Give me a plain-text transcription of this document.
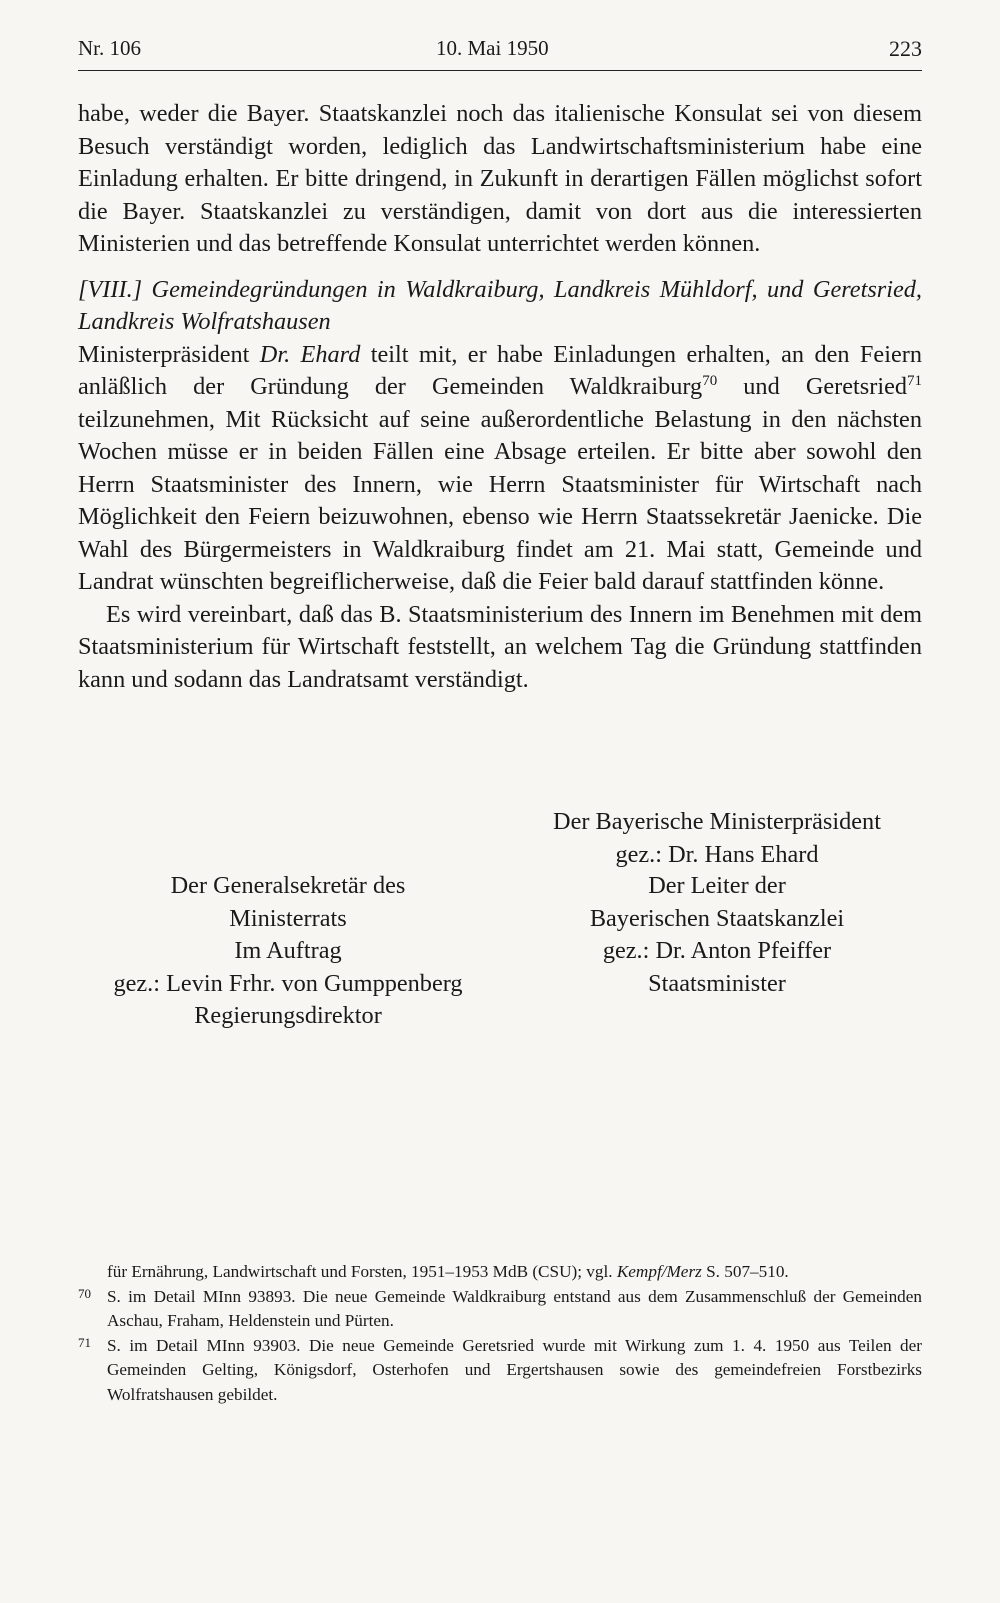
Nr. 106	10. Mai 1950	223

habe, weder die Bayer. Staatskanzlei noch das italienische Konsulat sei von diesem Besuch verständigt worden, lediglich das Landwirtschaftsministerium habe eine Einladung erhalten. Er bitte dringend, in Zukunft in derartigen Fällen möglichst sofort die Bayer. Staatskanzlei zu verständigen, damit von dort aus die interessierten Ministerien und das betreffende Konsulat unterrichtet werden können.

[VIII.] Gemeindegründungen in Waldkraiburg, Landkreis Mühldorf, und Geretsried, Landkreis Wolfratshausen

Ministerpräsident Dr. Ehard teilt mit, er habe Einladungen erhalten, an den Feiern anläßlich der Gründung der Gemeinden Waldkraiburg$^{70}$ und Geretsried$^{71}$ teilzunehmen, Mit Rücksicht auf seine außerordentliche Belastung in den nächsten Wochen müsse er in beiden Fällen eine Absage erteilen. Er bitte aber sowohl den Herrn Staatsminister des Innern, wie Herrn Staatsminister für Wirtschaft nach Möglichkeit den Feiern beizuwohnen, ebenso wie Herrn Staatssekretär Jaenicke. Die Wahl des Bürgermeisters in Waldkraiburg findet am 21. Mai statt, Gemeinde und Landrat wünschten begreiflicherweise, daß die Feier bald darauf stattfinden könne.

Es wird vereinbart, daß das B. Staatsministerium des Innern im Benehmen mit dem Staatsministerium für Wirtschaft feststellt, an welchem Tag die Gründung stattfinden kann und sodann das Landratsamt verständigt.

Der Bayerische Ministerpräsident
gez.: Dr. Hans Ehard
Der Generalsekretär des
Ministerrats
Im Auftrag
gez.: Levin Frhr. von Gumppenberg
Regierungsdirektor
Der Leiter der
Bayerischen Staatskanzlei
gez.: Dr. Anton Pfeiffer
Staatsminister

für Ernährung, Landwirtschaft und Forsten, 1951–1953 MdB (CSU); vgl. Kempf/Merz S. 507–510.

70 S. im Detail MInn 93893. Die neue Gemeinde Waldkraiburg entstand aus dem Zusammenschluß der Gemeinden Aschau, Fraham, Heldenstein und Pürten.

71 S. im Detail MInn 93903. Die neue Gemeinde Geretsried wurde mit Wirkung zum 1. 4. 1950 aus Teilen der Gemeinden Gelting, Königsdorf, Osterhofen und Ergertshausen sowie des gemeindefreien Forstbezirks Wolfratshausen gebildet.
